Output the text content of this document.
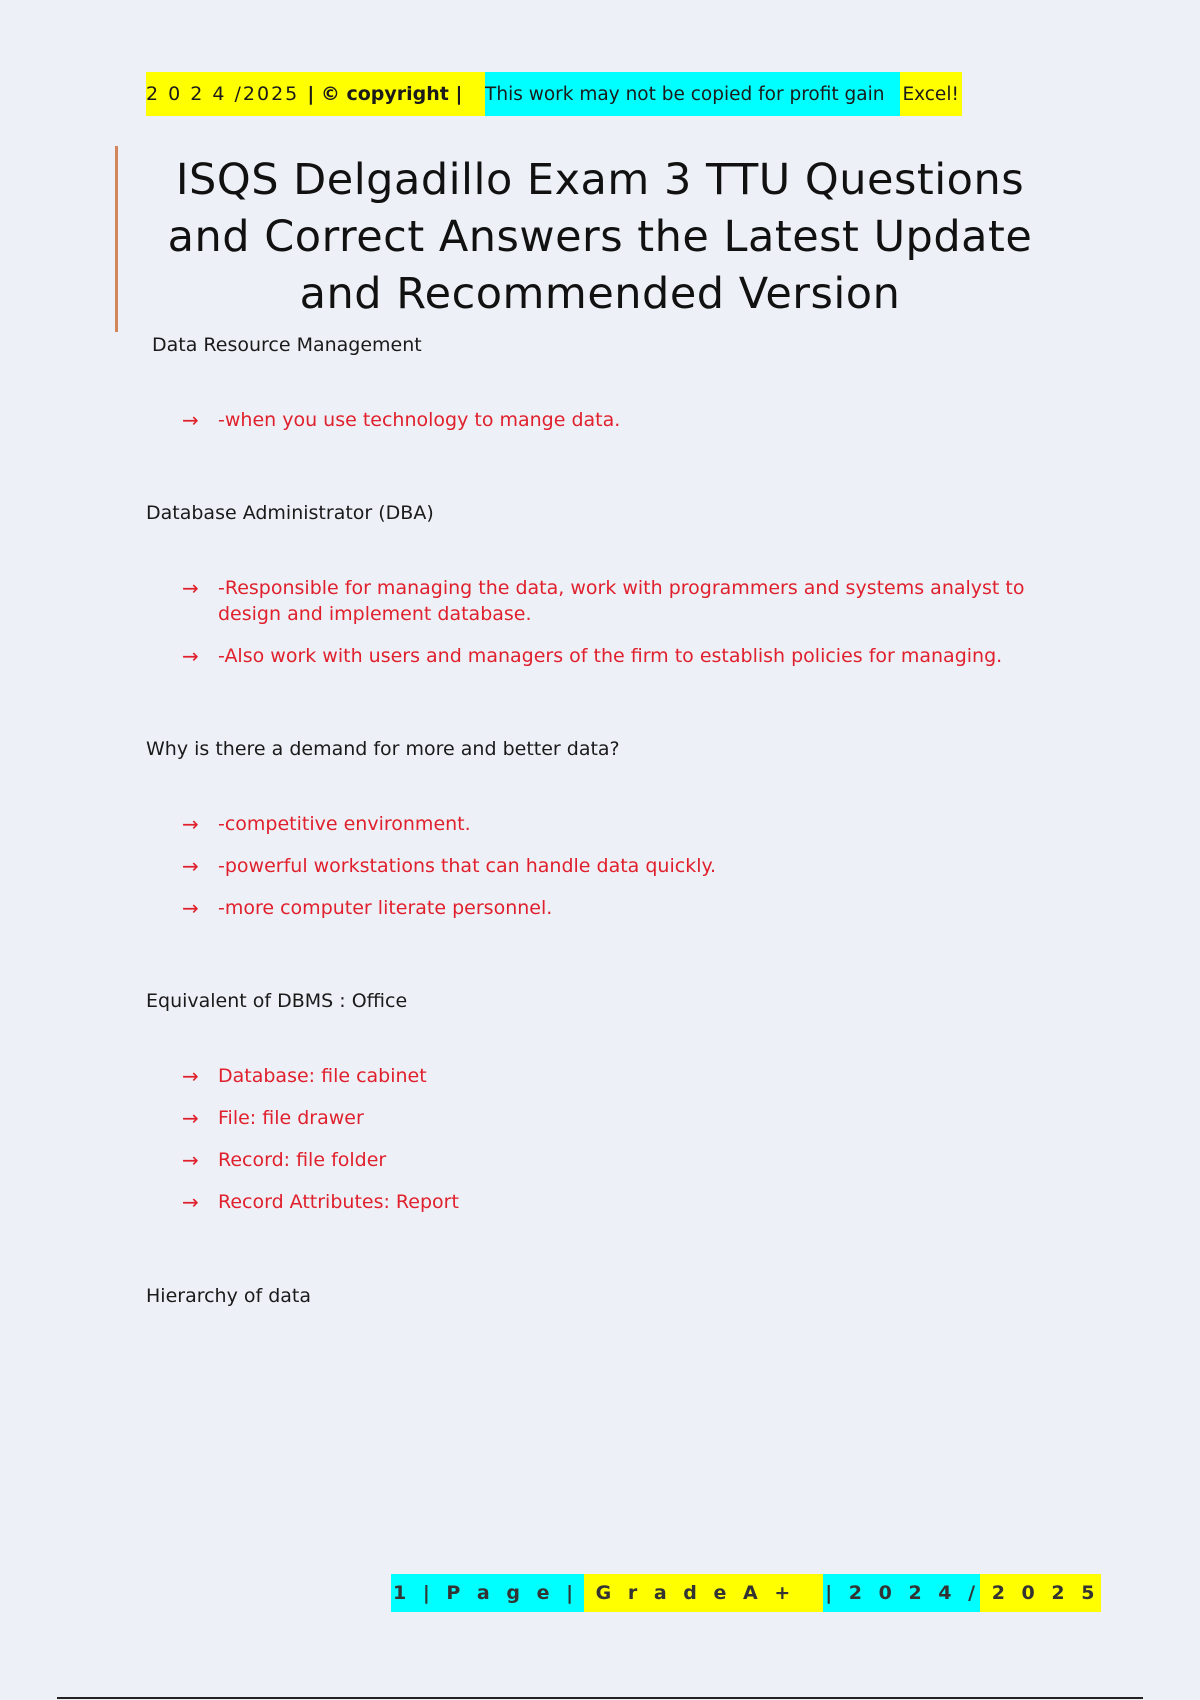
2 0 2 4 /2025 | © copyright | This work may not be copied for profit gain Excel!
ISQS Delgadillo Exam 3 TTU Questions and Correct Answers the Latest Update and Recommended Version
Data Resource Management
→	-when you use technology to mange data.
Database Administrator (DBA)
→	-Responsible for managing the data, work with programmers and systems analyst to design and implement database.
→	-Also work with users and managers of the firm to establish policies for managing.
Why is there a demand for more and better data?
→	-competitive environment.
→	-powerful workstations that can handle data quickly.
→	-more computer literate personnel.
Equivalent of DBMS : Office
→	Database: file cabinet
→	File: file drawer
→	Record: file folder
→	Record Attributes: Report
Hierarchy of data
1 | P a g e | G r a d e A +	| 2 0 2 4 / 2 0 2 5
